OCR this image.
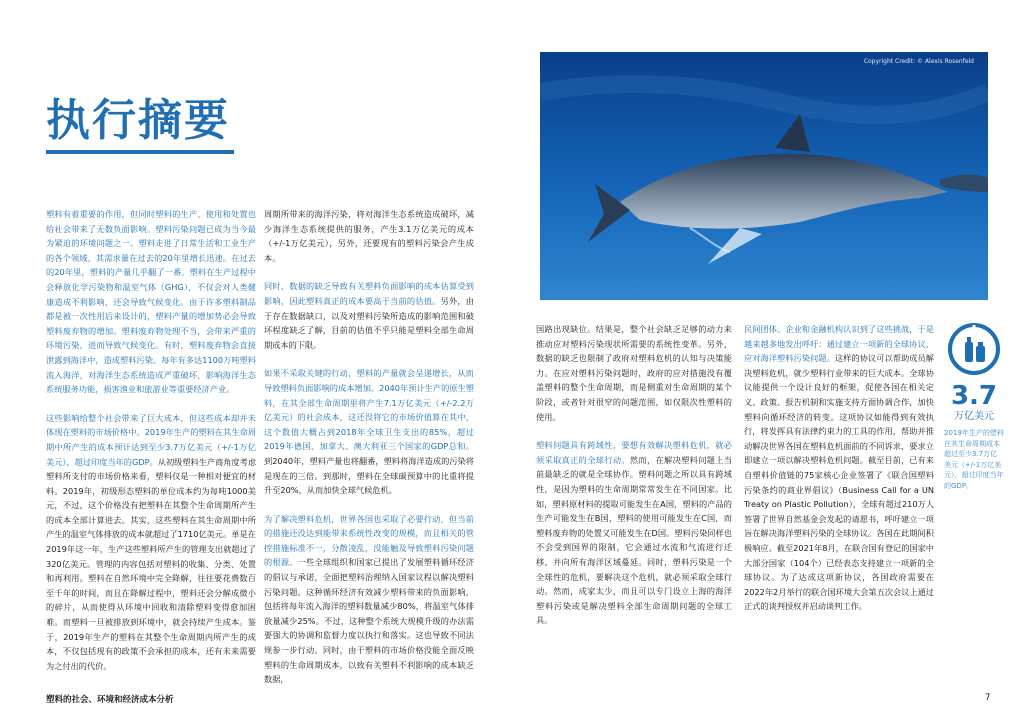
执行摘要
Copyright Credit: © Alexis Rosenfeld

塑料有着重要的作用，但同时塑料的生产、使用和处置也给社会带来了无数负面影响。塑料污染问题已成为当今最为紧迫的环境问题之一。塑料走进了日常生活和工业生产的各个领域，其需求量在过去的20年里增长迅速。在过去的20年里，塑料的产量几乎翻了一番。塑料在生产过程中会释放化学污染物和温室气体（GHG），不仅会对人类健康造成不利影响，还会导致气候变化。由于许多塑料制品都是被一次性用后来设计的，塑料产量的增加势必会导致塑料废弃物的增加。塑料废弃物处理不当，会带来严重的环境污染，进而导致气候变化。有时，塑料废弃物会直接泄露到海洋中，造成塑料污染。每年有多达1100万吨塑料流入海洋，对海洋生态系统造成严重破坏，影响海洋生态系统服务功能，损害渔业和旅游业等重要经济产业。

这些影响给整个社会带来了巨大成本，但这些成本却并未体现在塑料的市场价格中。2019年生产的塑料在其生命周期中所产生的成本预计达到至少3.7万亿美元（+/-1万亿美元），超过印度当年的GDP。从初级塑料生产商角度考虑塑料所支付的市场价格来看，塑料仅是一种相对便宜的材料。2019年，初级形态塑料的单位成本约为每吨1000美元，不过，这个价格没有把塑料在其整个生命周期所产生的成本全部计算进去。其实，这些塑料在其生命周期中所产生的温室气体排放的成本就超过了1710亿美元。单是在2019年这一年，生产这些塑料所产生的管理支出就超过了320亿美元。管理的内容包括对塑料的收集、分类、处置和再利用。塑料在自然环境中完全降解，往往要花费数百至千年的时间，而且在降解过程中，塑料还会分解成微小的碎片，从而使得从环境中回收和清除塑料变得愈加困难。而塑料一旦被排放到环境中，就会持续产生成本。鉴于，2019年生产的塑料在其整个生命周期内所产生的成本，不仅包括现有的政策不会承担的成本，还有未来需要为之付出的代价。

周期所带来的海洋污染，将对海洋生态系统造成破坏，减少海洋生态系统提供的服务，产生3.1万亿美元的成本（+/-1万亿美元），另外，还要现有的塑料污染会产生成本。

同时，数据的缺乏导致有关塑料负面影响的成本估算受到影响，因此塑料真正的成本要高于当前的估值。另外，由于存在数据缺口，以及对塑料污染所造成的影响范围和破坏程度缺乏了解，目前的估值不乎只能是塑料全部生命周期成本的下限。

如果不采取关键的行动，塑料的产量就会呈递增长，从而导致塑料负面影响的成本增加。2040年预计生产的原生塑料，在其全部生命周期里将产生7.1万亿美元（+/-2.2万亿美元）的社会成本，这还没将它的市场价值算在其中，这个数值大概占到2018年全球卫生支出的85%，超过2019年德国、加拿大、澳大利亚三个国家的GDP总和。到2040年，塑料产量也将翻番，塑料将海洋造成的污染将是现在的三倍。到那时，塑料在全球碳预算中的比重将提升至20%，从而加快全球气候危机。

为了解决塑料危机，世界各国也采取了必要行动，但当前的措施还没达到能带来系统性改变的规模，而且相关的管控措施标准不一，分散凌乱，没能触及导致塑料污染问题的根源。一些全球组织和国家已提出了发展塑料循环经济的倡议与承诺，全面把塑料治理纳入国家议程以解决塑料污染问题。这种循环经济有效减少塑料带来的负面影响，包括将每年流入海洋的塑料数量减少80%，将温室气体排放量减少25%。不过，这种整个系统大规模升级的办法需要强大的协调和监督力度以执行和落实。这也导致不同法规参一步行动。同时，由于塑料的市场价格没能全面反映塑料的生命周期成本，以致有关塑料不利影响的成本缺乏数据，

国路出现缺位。结果是，整个社会缺乏足够的动力来推动应对塑料污染现状所需要的系统性变革。另外，数据的缺乏也限制了政府对塑料危机的认知与决策能力。在应对塑料污染问题时，政府的应对措施没有覆盖塑料的整个生命周期，而是侧重对生命周期的某个阶段，或者针对很窄的问题范围，如仅限次性塑料的使用。

塑料问题具有跨域性，要想有效解决塑料危机，就必须采取真正的全球行动。然而，在解决塑料问题上当前最缺乏的就是全球协作。塑料问题之所以具有跨域性，是因为塑料的生命周期常常发生在不同国家。比如，塑料原材料的提取可能发生在A国，塑料的产品的生产可能发生在B国，塑料的使用可能发生在C国，而塑料废弃物的处置又可能发生在D国。塑料污染同样也不会受到国界的限制，它会通过水流和气流进行迁移，并向所有海洋区域蔓延。同时，塑料污染是一个全球性的危机，要解决这个危机，就必须采取全球行动。然而，成家太少，而且可以专门设立上海的海洋塑料污染或是解决塑料全部生命周期问题的全球工具。

民间团体、企业和金融机构认识到了这些挑战，于是越来越多地发出呼吁：通过建立一项新的全球协议，应对海洋塑料污染问题。这样的协议可以帮助成员解决塑料危机，就少塑料行业带来的巨大成本。全球协议能提供一个设计良好的框架，促使各国在相关定义、政策、报告机制和实施支持方面协调合作，加快塑料向循环经济的转变。这项协议如能得到有效执行，将发挥具有法律约束力的工具的作用，帮助并推动解决世界各国在塑料危机面前的不同诉求，要求立即建立一项以解决塑料危机问题。截至目前，已有来自塑料价值链的75家核心企业签署了《联合国塑料污染条约的商业界倡议》（Business Call for a UN Treaty on Plastic Pollution），全球有超过210万人签署了世界自然基金会发起的请愿书，呼吁建立一项旨在解决海洋塑料污染的全球协议。各国在此期间积极响应。截至2021年8月，在联合国有登记的国家中大部分国家（104个）已经表态支持建立一项新的全球协议。为了达成这项新协议，各国政府需要在2022年2月举行的联合国环境大会第五次会议上通过正式的谈判授权并启动谈判工作。

3.7
万亿美元
2019年生产的塑料在其生命周期成本超过至少3.7万亿美元（+/-1万亿美元），超过印度当年的GDP。
塑料的社会、环境和经济成本分析	7
